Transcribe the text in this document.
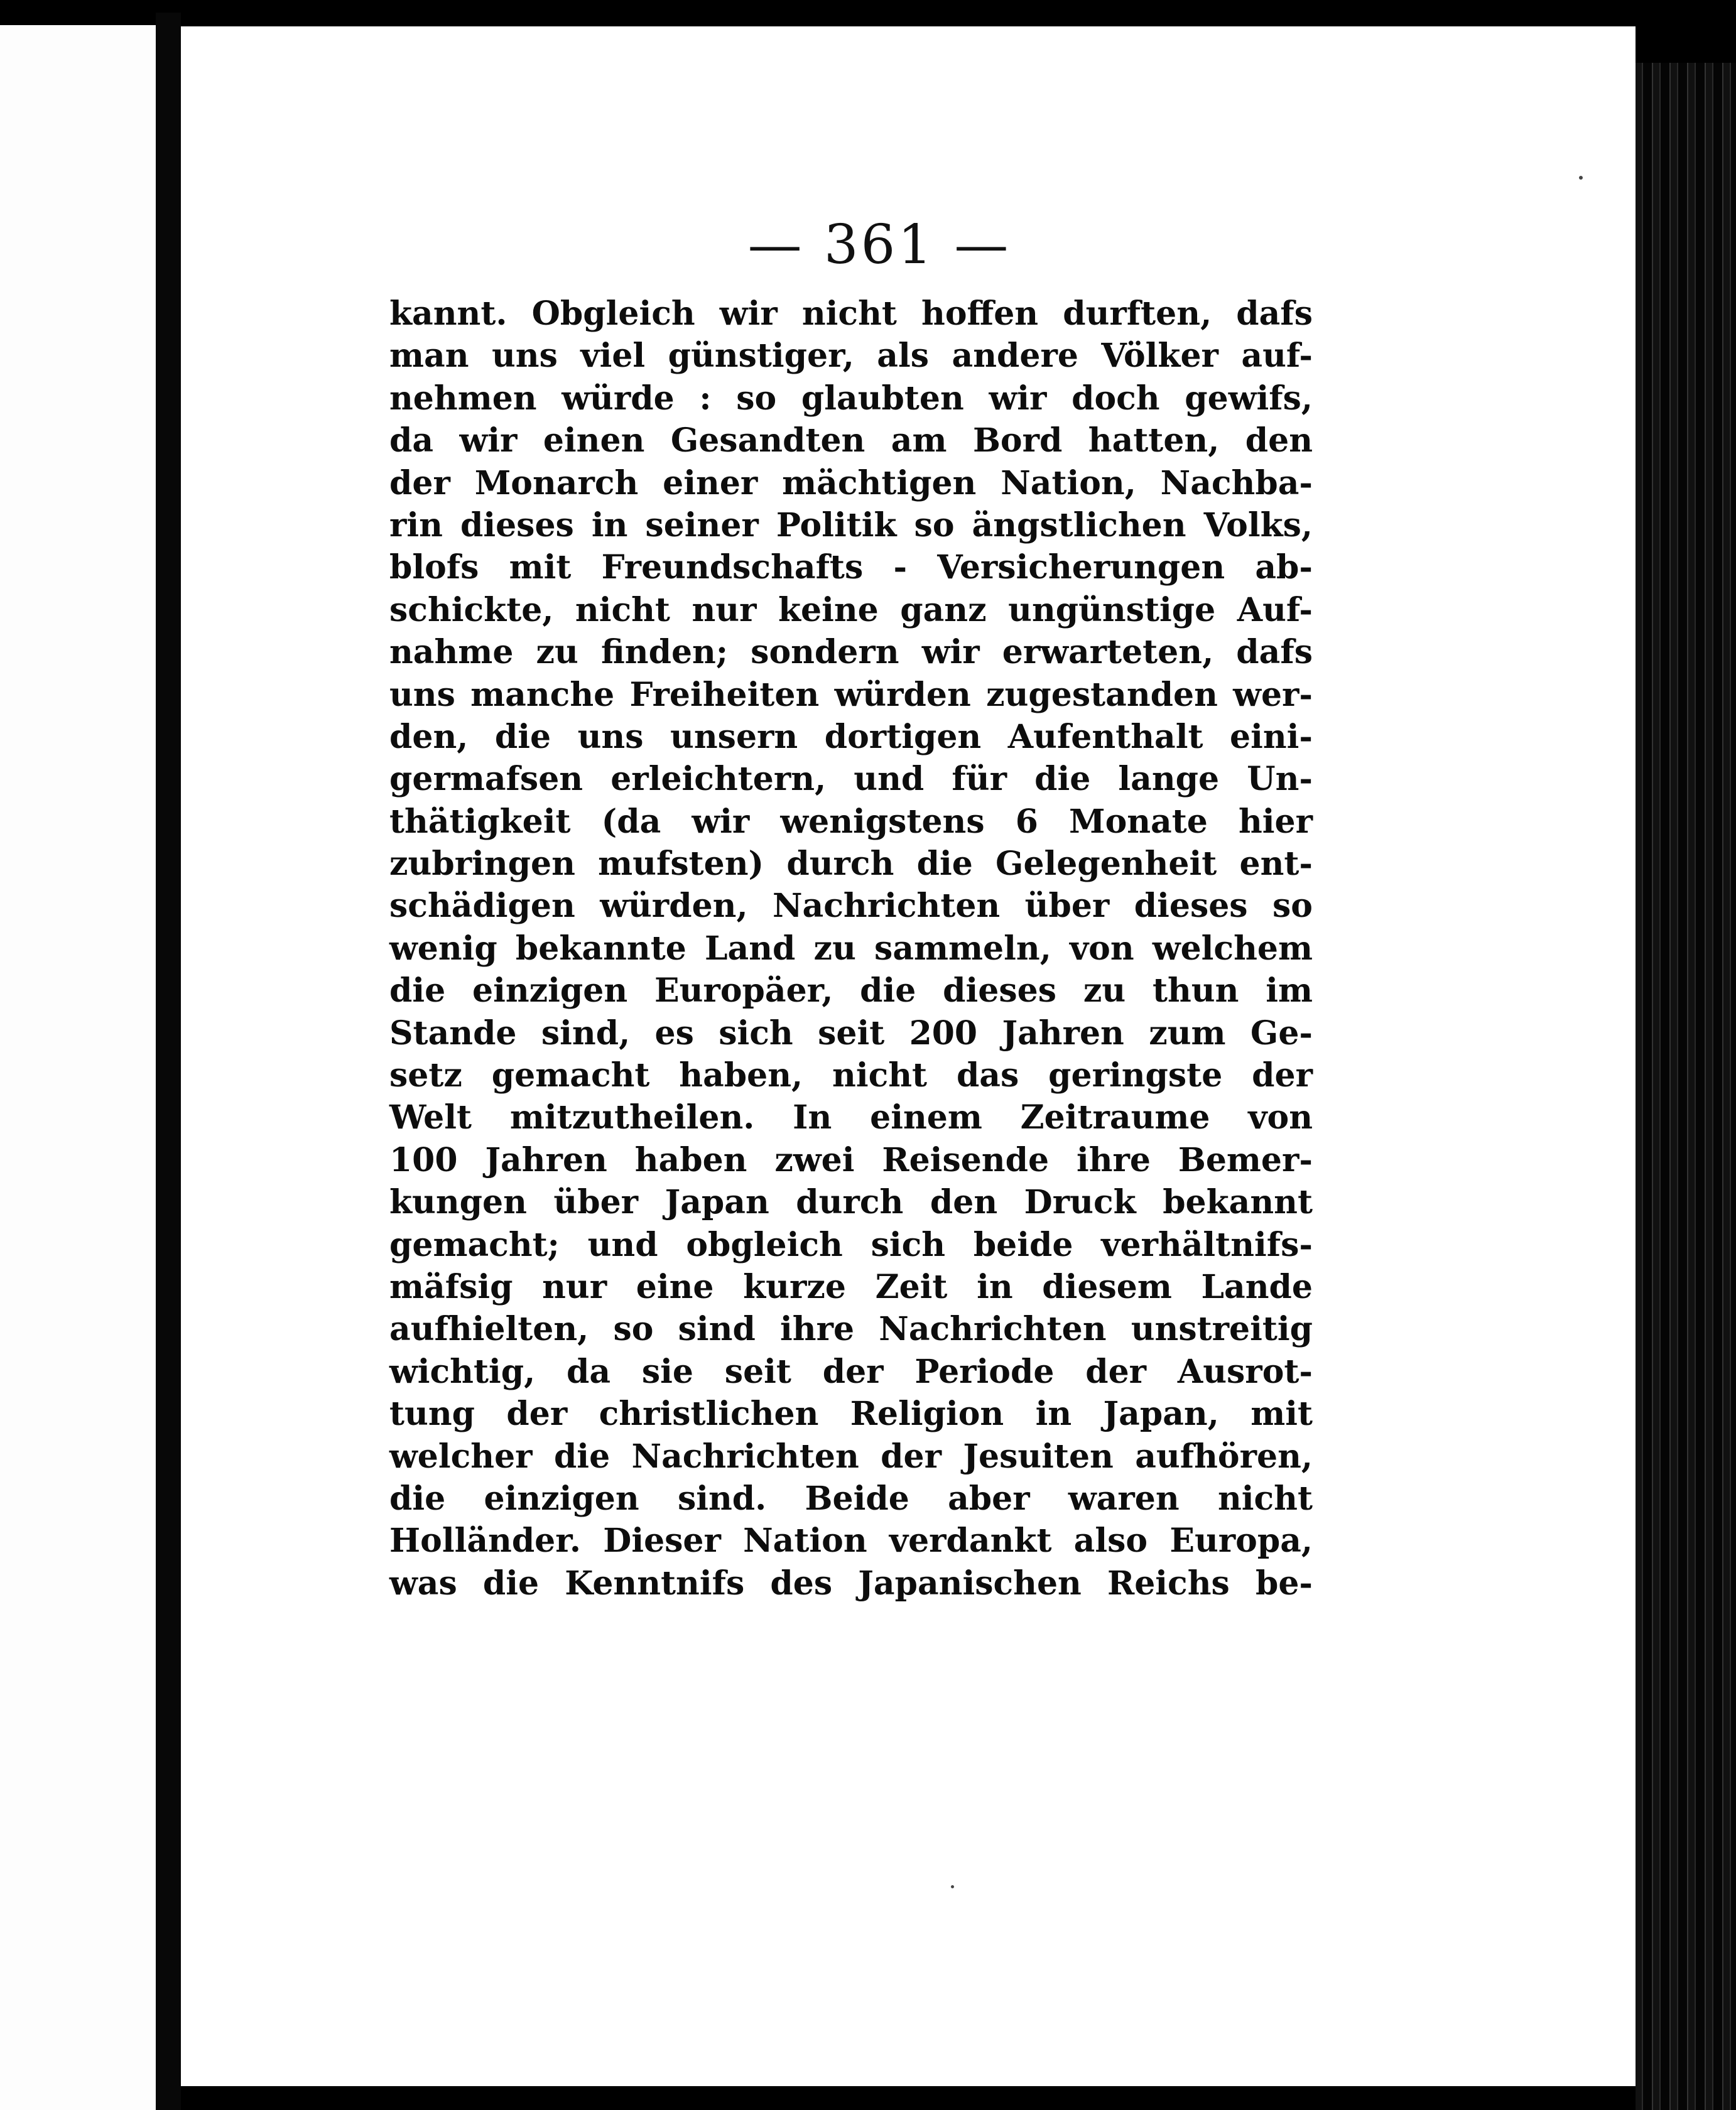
— 361 —
kannt. Obgleich wir nicht hoffen durften, dafs
man uns viel günstiger, als andere Völker auf-
nehmen würde : so glaubten wir doch gewifs,
da wir einen Gesandten am Bord hatten, den
der Monarch einer mächtigen Nation, Nachba-
rin dieses in seiner Politik so ängstlichen Volks,
blofs mit Freundschafts - Versicherungen ab-
schickte, nicht nur keine ganz ungünstige Auf-
nahme zu finden; sondern wir erwarteten, dafs
uns manche Freiheiten würden zugestanden wer-
den, die uns unsern dortigen Aufenthalt eini-
germafsen erleichtern, und für die lange Un-
thätigkeit (da wir wenigstens 6 Monate hier
zubringen mufsten) durch die Gelegenheit ent-
schädigen würden, Nachrichten über dieses so
wenig bekannte Land zu sammeln, von welchem
die einzigen Europäer, die dieses zu thun im
Stande sind, es sich seit 200 Jahren zum Ge-
setz gemacht haben, nicht das geringste der
Welt mitzutheilen. In einem Zeitraume von
100 Jahren haben zwei Reisende ihre Bemer-
kungen über Japan durch den Druck bekannt
gemacht; und obgleich sich beide verhältnifs-
mäfsig nur eine kurze Zeit in diesem Lande
aufhielten, so sind ihre Nachrichten unstreitig
wichtig, da sie seit der Periode der Ausrot-
tung der christlichen Religion in Japan, mit
welcher die Nachrichten der Jesuiten aufhören,
die einzigen sind. Beide aber waren nicht
Holländer. Dieser Nation verdankt also Europa,
was die Kenntnifs des Japanischen Reichs be-
